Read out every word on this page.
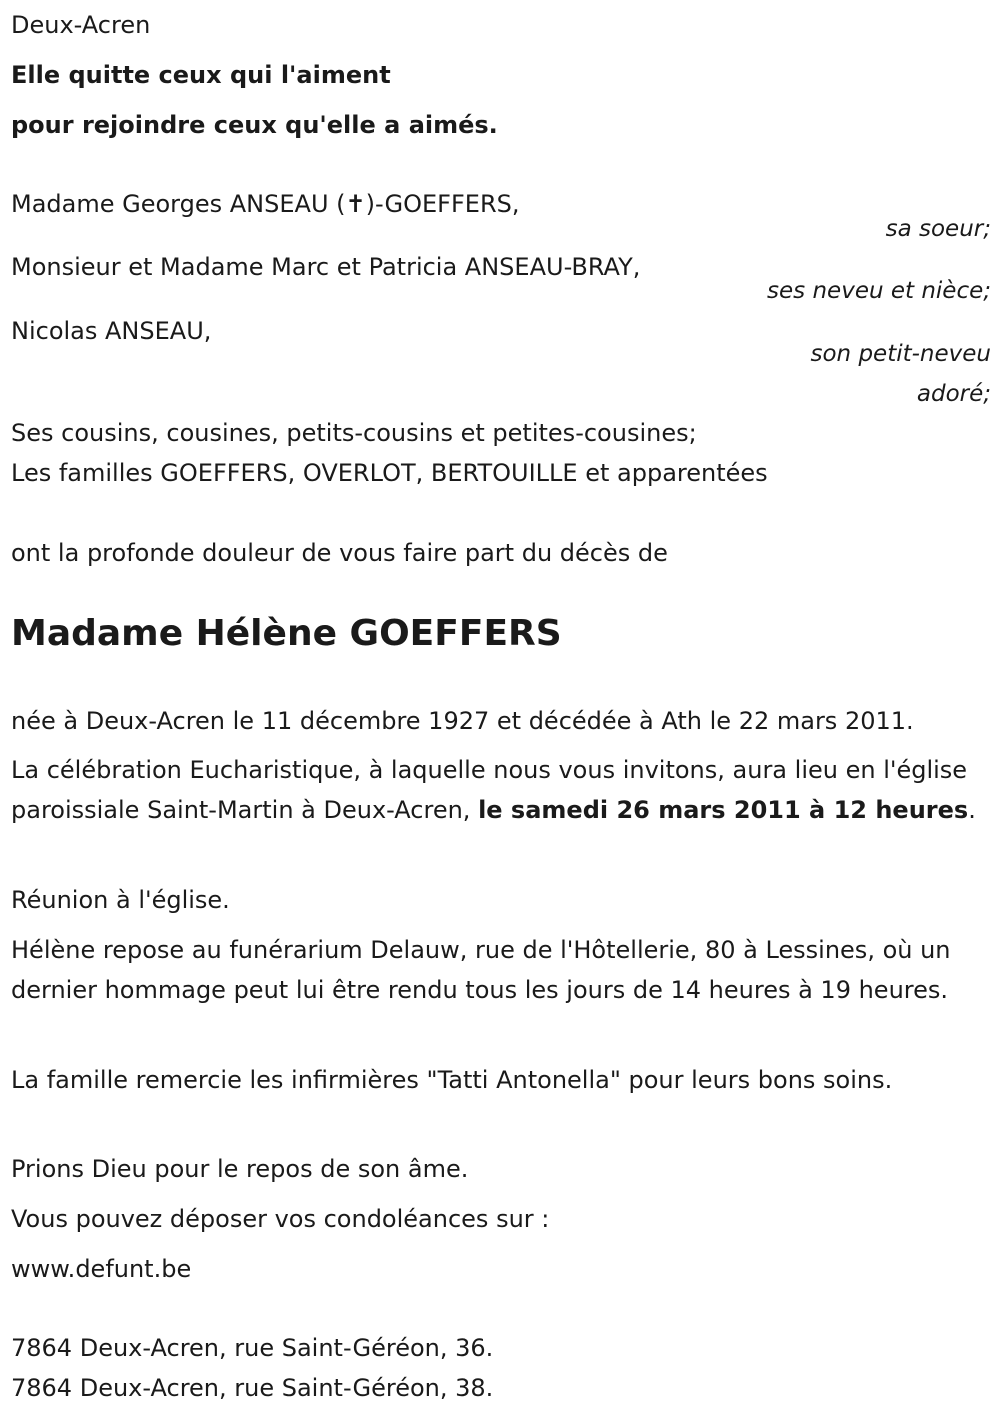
Deux-Acren
Elle quitte ceux qui l'aiment
pour rejoindre ceux qu'elle a aimés.
Madame Georges ANSEAU (✝)-GOEFFERS,
sa soeur;
Monsieur et Madame Marc et Patricia ANSEAU-BRAY,
ses neveu et nièce;
Nicolas ANSEAU,
son petit-neveu
adoré;
Ses cousins, cousines, petits-cousins et petites-cousines;
Les familles GOEFFERS, OVERLOT, BERTOUILLE et apparentées
ont la profonde douleur de vous faire part du décès de
Madame Hélène GOEFFERS
née à Deux-Acren le 11 décembre 1927 et décédée à Ath le 22 mars 2011.
La célébration Eucharistique, à laquelle nous vous invitons, aura lieu en l'église paroissiale Saint-Martin à Deux-Acren, le samedi 26 mars 2011 à 12 heures.
Réunion à l'église.
Hélène repose au funérarium Delauw, rue de l'Hôtellerie, 80 à Lessines, où un dernier hommage peut lui être rendu tous les jours de 14 heures à 19 heures.
La famille remercie les infirmières "Tatti Antonella" pour leurs bons soins.
Prions Dieu pour le repos de son âme.
Vous pouvez déposer vos condoléances sur :
www.defunt.be
7864 Deux-Acren, rue Saint-Géréon, 36.
7864 Deux-Acren, rue Saint-Géréon, 38.
